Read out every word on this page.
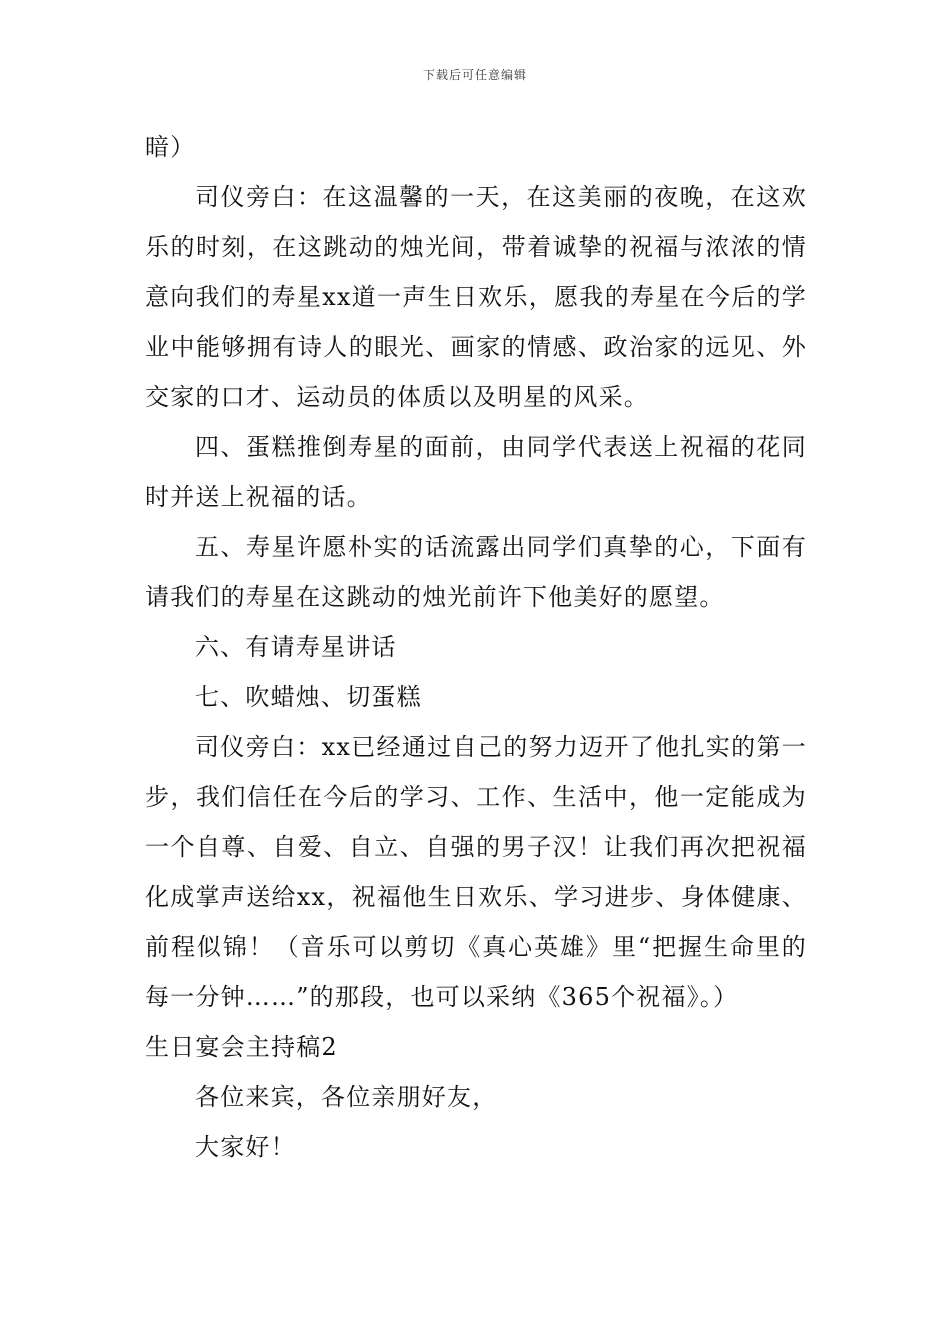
下载后可任意编辑

暗）

司仪旁白：在这温馨的一天，在这美丽的夜晚，在这欢乐的时刻，在这跳动的烛光间，带着诚挚的祝福与浓浓的情意向我们的寿星xx道一声生日欢乐，愿我的寿星在今后的学业中能够拥有诗人的眼光、画家的情感、政治家的远见、外交家的口才、运动员的体质以及明星的风采。

四、蛋糕推倒寿星的面前，由同学代表送上祝福的花同时并送上祝福的话。

五、寿星许愿朴实的话流露出同学们真挚的心，下面有请我们的寿星在这跳动的烛光前许下他美好的愿望。

六、有请寿星讲话

七、吹蜡烛、切蛋糕

司仪旁白：xx已经通过自己的努力迈开了他扎实的第一步，我们信任在今后的学习、工作、生活中，他一定能成为一个自尊、自爱、自立、自强的男子汉！让我们再次把祝福化成掌声送给xx，祝福他生日欢乐、学习进步、身体健康、前程似锦！（音乐可以剪切《真心英雄》里“把握生命里的每一分钟……”的那段，也可以采纳《365个祝福》。）

生日宴会主持稿2

各位来宾，各位亲朋好友，

大家好！
